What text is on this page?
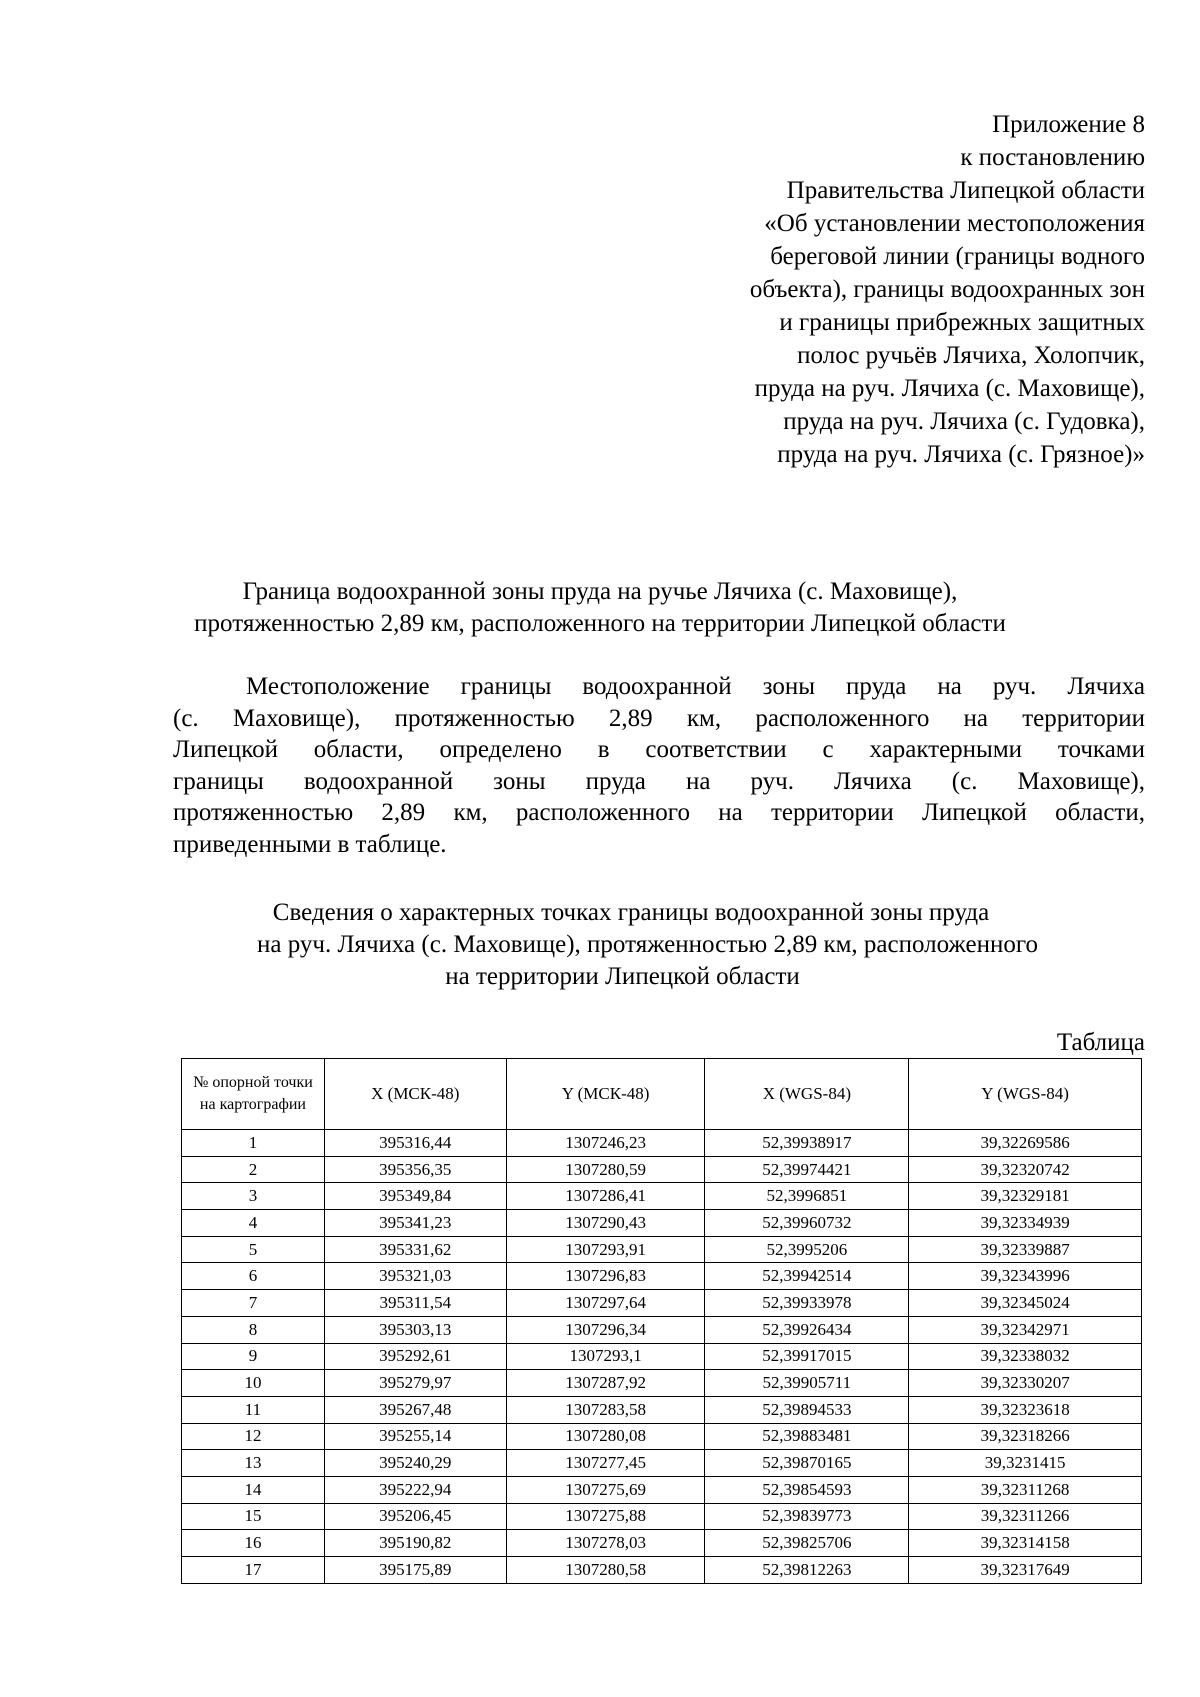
Приложение 8
к постановлению
Правительства Липецкой области
«Об установлении местоположения
береговой линии (границы водного
объекта), границы водоохранных зон
и границы прибрежных защитных
полос ручьёв Лячиха, Холопчик,
пруда на руч. Лячиха (с. Маховище),
пруда на руч. Лячиха (с. Гудовка),
пруда на руч. Лячиха (с. Грязное)»
Граница водоохранной зоны пруда на ручье Лячиха (с. Маховище),
протяженностью 2,89 км, расположенного на территории Липецкой области
Местоположение границы водоохранной зоны пруда на руч. Лячиха
(с. Маховище), протяженностью 2,89 км, расположенного на территории
Липецкой области, определено в соответствии с характерными точками
границы водоохранной зоны пруда на руч. Лячиха (с. Маховище),
протяженностью 2,89 км, расположенного на территории Липецкой области,
приведенными в таблице.
Сведения о характерных точках границы водоохранной зоны пруда
на руч. Лячиха (с. Маховище), протяженностью 2,89 км, расположенного
на территории Липецкой области
Таблица
№ опорной точки на картографии	X (МСК-48)	Y (МСК-48)	X (WGS-84)	Y (WGS-84)
1	395316,44	1307246,23	52,39938917	39,32269586
2	395356,35	1307280,59	52,39974421	39,32320742
3	395349,84	1307286,41	52,3996851	39,32329181
4	395341,23	1307290,43	52,39960732	39,32334939
5	395331,62	1307293,91	52,3995206	39,32339887
6	395321,03	1307296,83	52,39942514	39,32343996
7	395311,54	1307297,64	52,39933978	39,32345024
8	395303,13	1307296,34	52,39926434	39,32342971
9	395292,61	1307293,1	52,39917015	39,32338032
10	395279,97	1307287,92	52,39905711	39,32330207
11	395267,48	1307283,58	52,39894533	39,32323618
12	395255,14	1307280,08	52,39883481	39,32318266
13	395240,29	1307277,45	52,39870165	39,3231415
14	395222,94	1307275,69	52,39854593	39,32311268
15	395206,45	1307275,88	52,39839773	39,32311266
16	395190,82	1307278,03	52,39825706	39,32314158
17	395175,89	1307280,58	52,39812263	39,32317649
